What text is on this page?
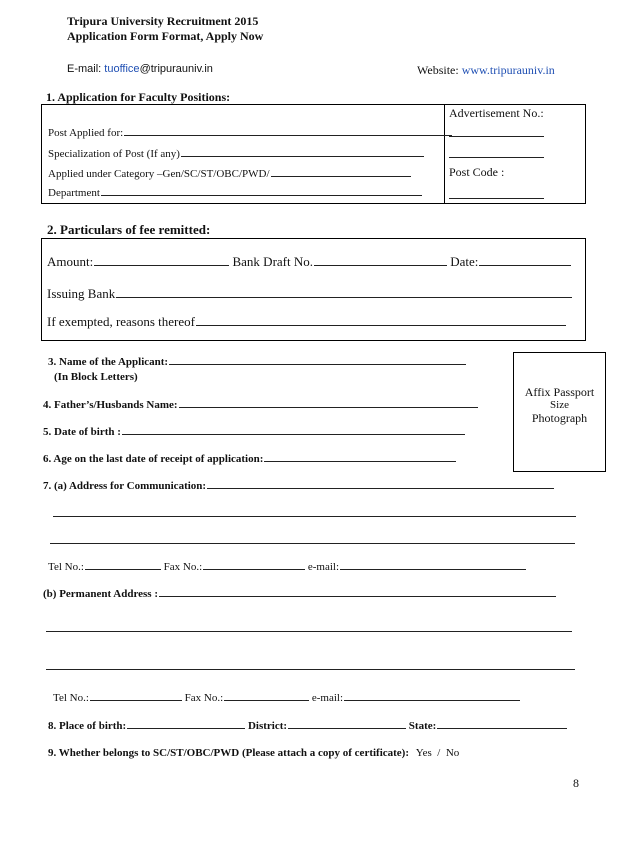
Tripura University Recruitment 2015
Application Form Format, Apply Now
E-mail: tuoffice@tripurauniv.in	Website: www.tripurauniv.in
1. Application for Faculty Positions:
Post Applied for:
Specialization of Post (If any)
Applied under Category –Gen/SC/ST/OBC/PWD/
Department
Advertisement No.:
Post Code :
2. Particulars of fee remitted:
Amount:	Bank Draft No.	Date:
Issuing Bank
If exempted, reasons thereof
Affix Passport
Size
Photograph
3. Name of the Applicant:
(In Block Letters)
4. Father’s/Husbands Name:
5. Date of birth :
6. Age on the last date of receipt of application:
7. (a) Address for Communication:
Tel No.:	Fax No.:	e-mail:
(b) Permanent Address :
Tel No.:	Fax No.:	e-mail:
8. Place of birth:	District:	State:
9. Whether belongs to SC/ST/OBC/PWD (Please attach a copy of certificate): Yes  /  No
8
